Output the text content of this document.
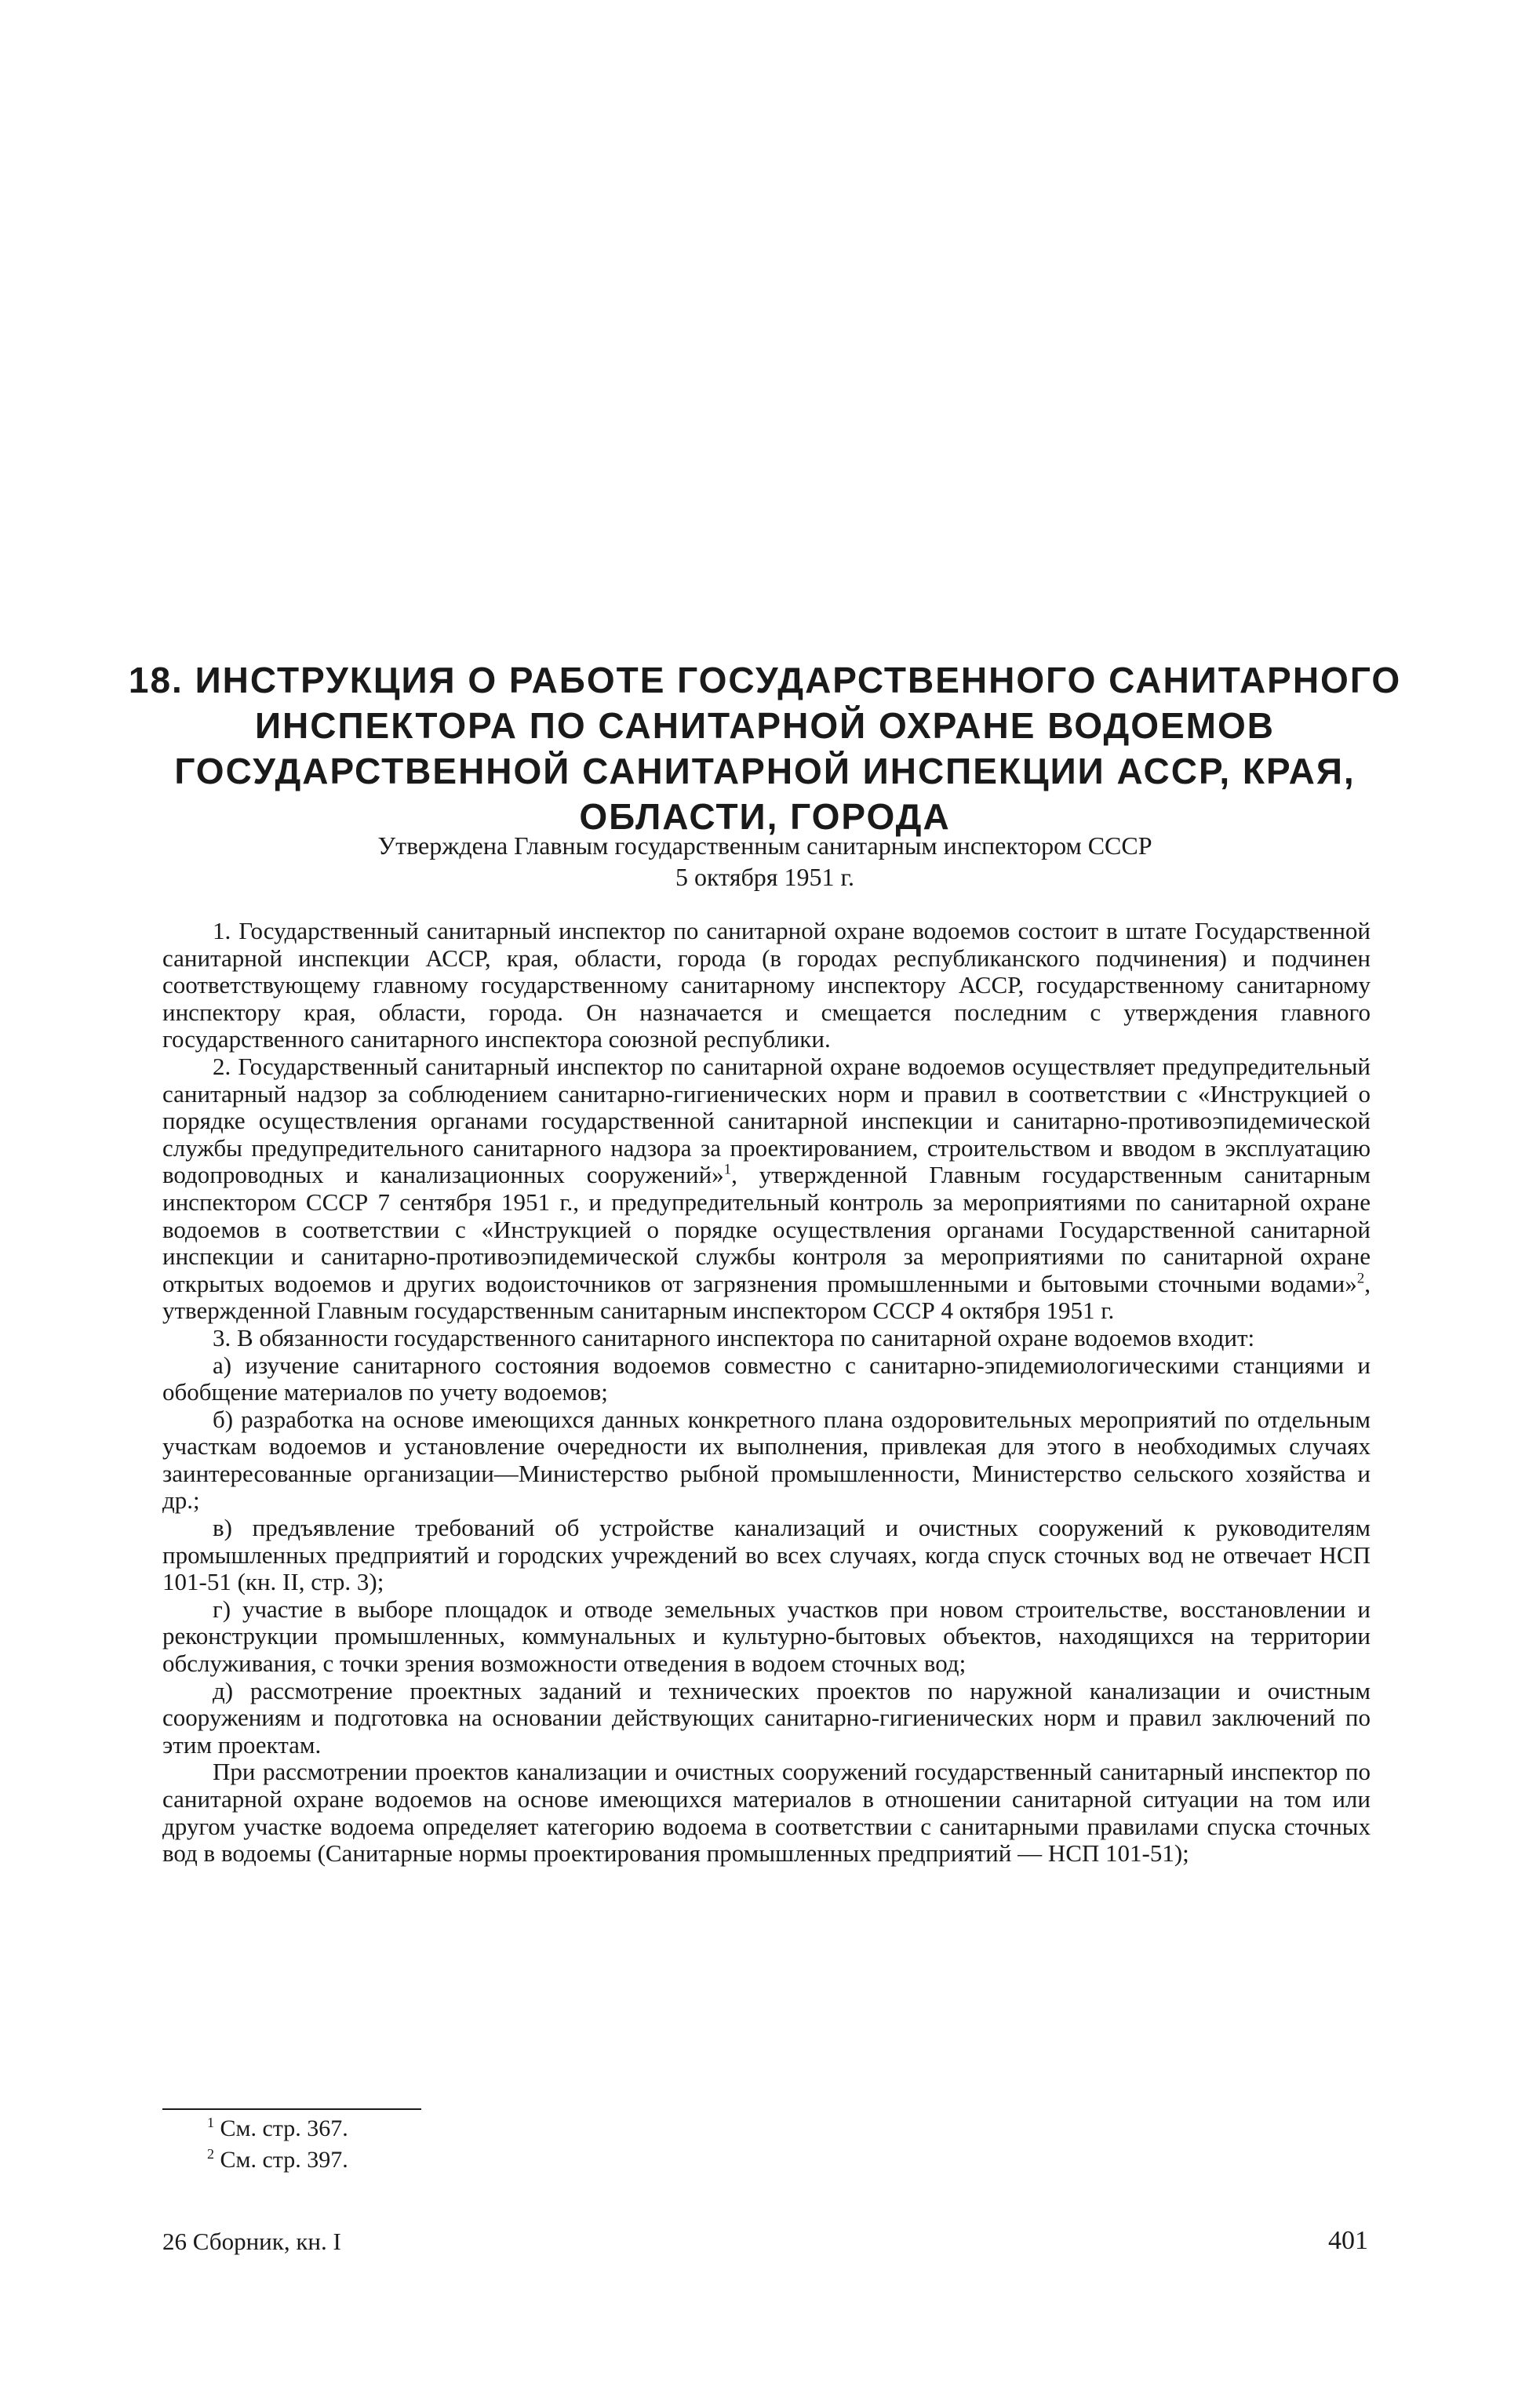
18. ИНСТРУКЦИЯ О РАБОТЕ ГОСУДАРСТВЕННОГО САНИТАРНОГО
ИНСПЕКТОРА ПО САНИТАРНОЙ ОХРАНЕ ВОДОЕМОВ
ГОСУДАРСТВЕННОЙ САНИТАРНОЙ ИНСПЕКЦИИ АССР, КРАЯ,
ОБЛАСТИ, ГОРОДА
Утверждена Главным государственным санитарным инспектором СССР
5 октября 1951 г.

1. Государственный санитарный инспектор по санитарной охране водоемов состоит в штате Государственной санитарной инспекции АССР, края, области, города (в городах республиканского подчинения) и подчинен соответствующему главному государственному санитарному инспектору АССР, государственному санитарному инспектору края, области, города. Он назначается и смещается последним с утверждения главного государственного санитарного инспектора союзной республики.

2. Государственный санитарный инспектор по санитарной охране водоемов осуществляет предупредительный санитарный надзор за соблюдением санитарно-гигиенических норм и правил в соответствии с «Инструкцией о порядке осуществления органами государственной санитарной инспекции и санитарно-противоэпидемической службы предупредительного санитарного надзора за проектированием, строительством и вводом в эксплуатацию водопроводных и канализационных сооружений»$^1$, утвержденной Главным государственным санитарным инспектором СССР 7 сентября 1951 г., и предупредительный контроль за мероприятиями по санитарной охране водоемов в соответствии с «Инструкцией о порядке осуществления органами Государственной санитарной инспекции и санитарно-противоэпидемической службы контроля за мероприятиями по санитарной охране открытых водоемов и других водоисточников от загрязнения промышленными и бытовыми сточными водами»$^2$, утвержденной Главным государственным санитарным инспектором СССР 4 октября 1951 г.

3. В обязанности государственного санитарного инспектора по санитарной охране водоемов входит:

а) изучение санитарного состояния водоемов совместно с санитарно-эпидемиологическими станциями и обобщение материалов по учету водоемов;

б) разработка на основе имеющихся данных конкретного плана оздоровительных мероприятий по отдельным участкам водоемов и установление очередности их выполнения, привлекая для этого в необходимых случаях заинтересованные организации—Министерство рыбной промышленности, Министерство сельского хозяйства и др.;

в) предъявление требований об устройстве канализаций и очистных сооружений к руководителям промышленных предприятий и городских учреждений во всех случаях, когда спуск сточных вод не отвечает НСП 101-51 (кн. II, стр. 3);

г) участие в выборе площадок и отводе земельных участков при новом строительстве, восстановлении и реконструкции промышленных, коммунальных и культурно-бытовых объектов, находящихся на территории обслуживания, с точки зрения возможности отведения в водоем сточных вод;

д) рассмотрение проектных заданий и технических проектов по наружной канализации и очистным сооружениям и подготовка на основании действующих санитарно-гигиенических норм и правил заключений по этим проектам.

При рассмотрении проектов канализации и очистных сооружений государственный санитарный инспектор по санитарной охране водоемов на основе имеющихся материалов в отношении санитарной ситуации на том или другом участке водоема определяет категорию водоема в соответствии с санитарными правилами спуска сточных вод в водоемы (Санитарные нормы проектирования промышленных предприятий — НСП 101-51);

$^1$ См. стр. 367.
$^2$ См. стр. 397.
26 Сборник, кн. I	401
